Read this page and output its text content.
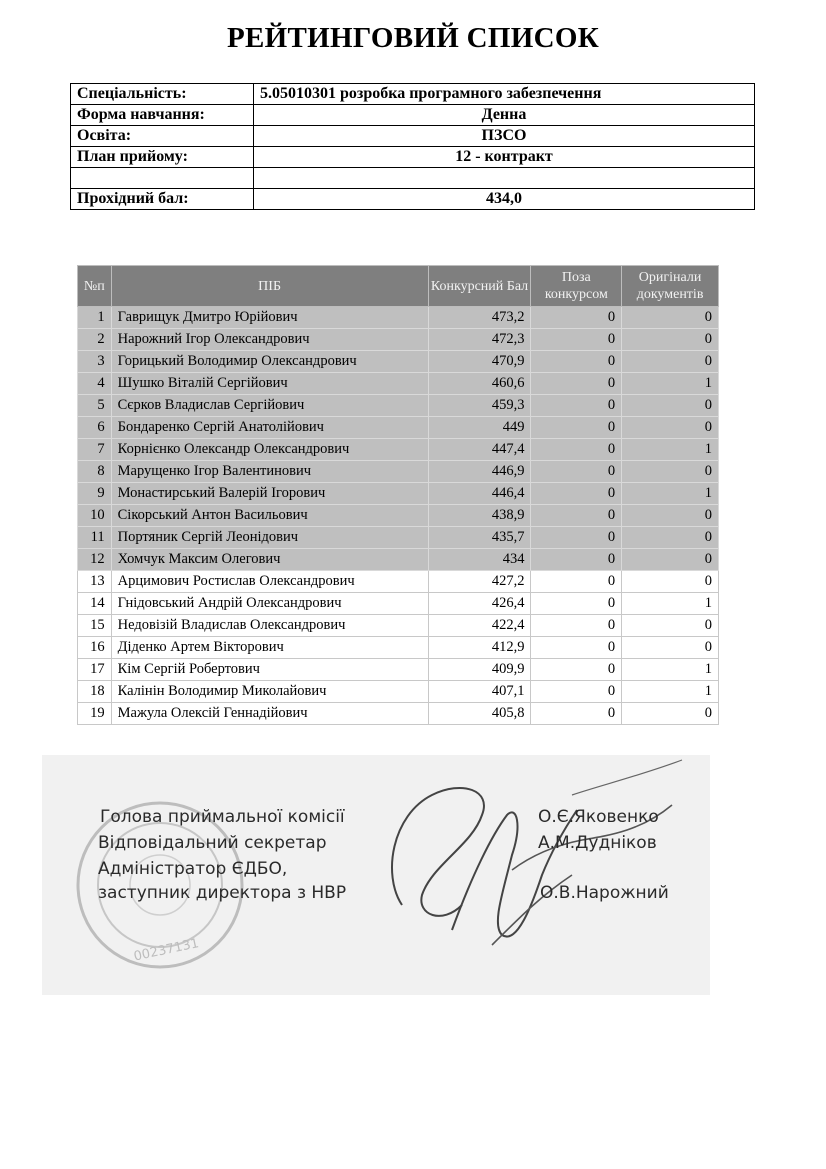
РЕЙТИНГОВИЙ СПИСОК
Спеціальність:	5.05010301 розробка програмного забезпечення
Форма навчання:	Денна
Освіта:	ПЗСО
План прийому:	12 - контракт

Прохідний бал:	434,0
№п	ПІБ	Конкурсний Бал	Поза конкурсом	Оригінали документів
1	Гаврищук Дмитро Юрійович	473,2	0	0
2	Нарожний Ігор Олександрович	472,3	0	0
3	Горицький Володимир Олександрович	470,9	0	0
4	Шушко Віталій Сергійович	460,6	0	1
5	Сєрков Владислав Сергійович	459,3	0	0
6	Бондаренко Сергій Анатолійович	449	0	0
7	Корнієнко Олександр Олександрович	447,4	0	1
8	Марущенко Ігор Валентинович	446,9	0	0
9	Монастирський Валерій Ігорович	446,4	0	1
10	Сікорський Антон Васильович	438,9	0	0
11	Портяник Сергій Леонідович	435,7	0	0
12	Хомчук Максим Олегович	434	0	0
13	Арцимович Ростислав Олександрович	427,2	0	0
14	Гнідовський Андрій Олександрович	426,4	0	1
15	Недовізій Владислав Олександрович	422,4	0	0
16	Діденко Артем Вікторович	412,9	0	0
17	Кім Сергій Робертович	409,9	0	1
18	Калінін Володимир Миколайович	407,1	0	1
19	Мажула Олексій Геннадійович	405,8	0	0
00237131
Голова приймальної комісії	О.Є.Яковенко
Відповідальний секретар	А.М.Дудніков
Адміністратор ЄДБО,
заступник директора з НВР	О.В.Нарожний
